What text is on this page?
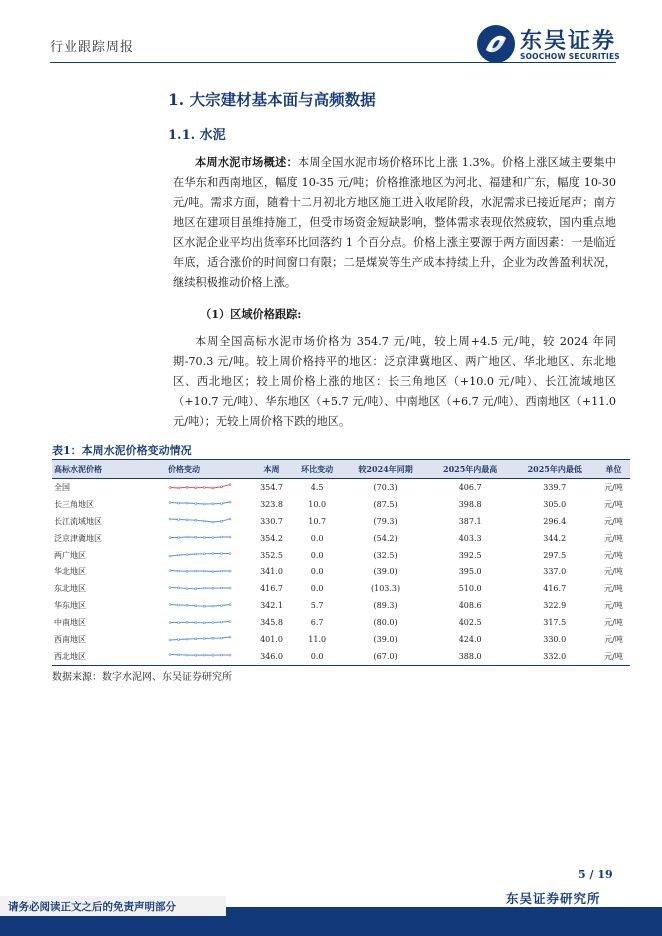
行业跟踪周报	东吴证券
SOOCHOW SECURITIES
1. 大宗建材基本面与高频数据
1.1. 水泥
本周水泥市场概述：本周全国水泥市场价格环比上涨 1.3%。价格上涨区域主要集中在华东和西南地区，幅度 10-35 元/吨；价格推涨地区为河北、福建和广东，幅度 10-30 元/吨。需求方面，随着十二月初北方地区施工进入收尾阶段，水泥需求已接近尾声；南方地区在建项目虽维持施工，但受市场资金短缺影响，整体需求表现依然疲软，国内重点地区水泥企业平均出货率环比回落约 1 个百分点。价格上涨主要源于两方面因素：一是临近年底，适合涨价的时间窗口有限；二是煤炭等生产成本持续上升，企业为改善盈利状况，继续积极推动价格上涨。
（1）区域价格跟踪:
本周全国高标水泥市场价格为 354.7 元/吨，较上周+4.5 元/吨，较 2024 年同期-70.3 元/吨。较上周价格持平的地区：泛京津冀地区、两广地区、华北地区、东北地区、西北地区；较上周价格上涨的地区：长三角地区（+10.0 元/吨）、长江流域地区（+10.7 元/吨）、华东地区（+5.7 元/吨）、中南地区（+6.7 元/吨）、西南地区（+11.0 元/吨）；无较上周价格下跌的地区。
表1：本周水泥价格变动情况
高标水泥价格	价格变动	本周	环比变动	较2024年同期	2025年内最高	2025年内最低	单位
全国		354.7	4.5	(70.3)	406.7	339.7	元/吨
长三角地区		323.8	10.0	(87.5)	398.8	305.0	元/吨
长江流域地区		330.7	10.7	(79.3)	387.1	296.4	元/吨
泛京津冀地区		354.2	0.0	(54.2)	403.3	344.2	元/吨
两广地区		352.5	0.0	(32.5)	392.5	297.5	元/吨
华北地区		341.0	0.0	(39.0)	395.0	337.0	元/吨
东北地区		416.7	0.0	(103.3)	510.0	416.7	元/吨
华东地区		342.1	5.7	(89.3)	408.6	322.9	元/吨
中南地区		345.8	6.7	(80.0)	402.5	317.5	元/吨
西南地区		401.0	11.0	(39.0)	424.0	330.0	元/吨
西北地区		346.0	0.0	(67.0)	388.0	332.0	元/吨
数据来源：数字水泥网、东吴证券研究所
5 / 19
东吴证券研究所
请务必阅读正文之后的免责声明部分
